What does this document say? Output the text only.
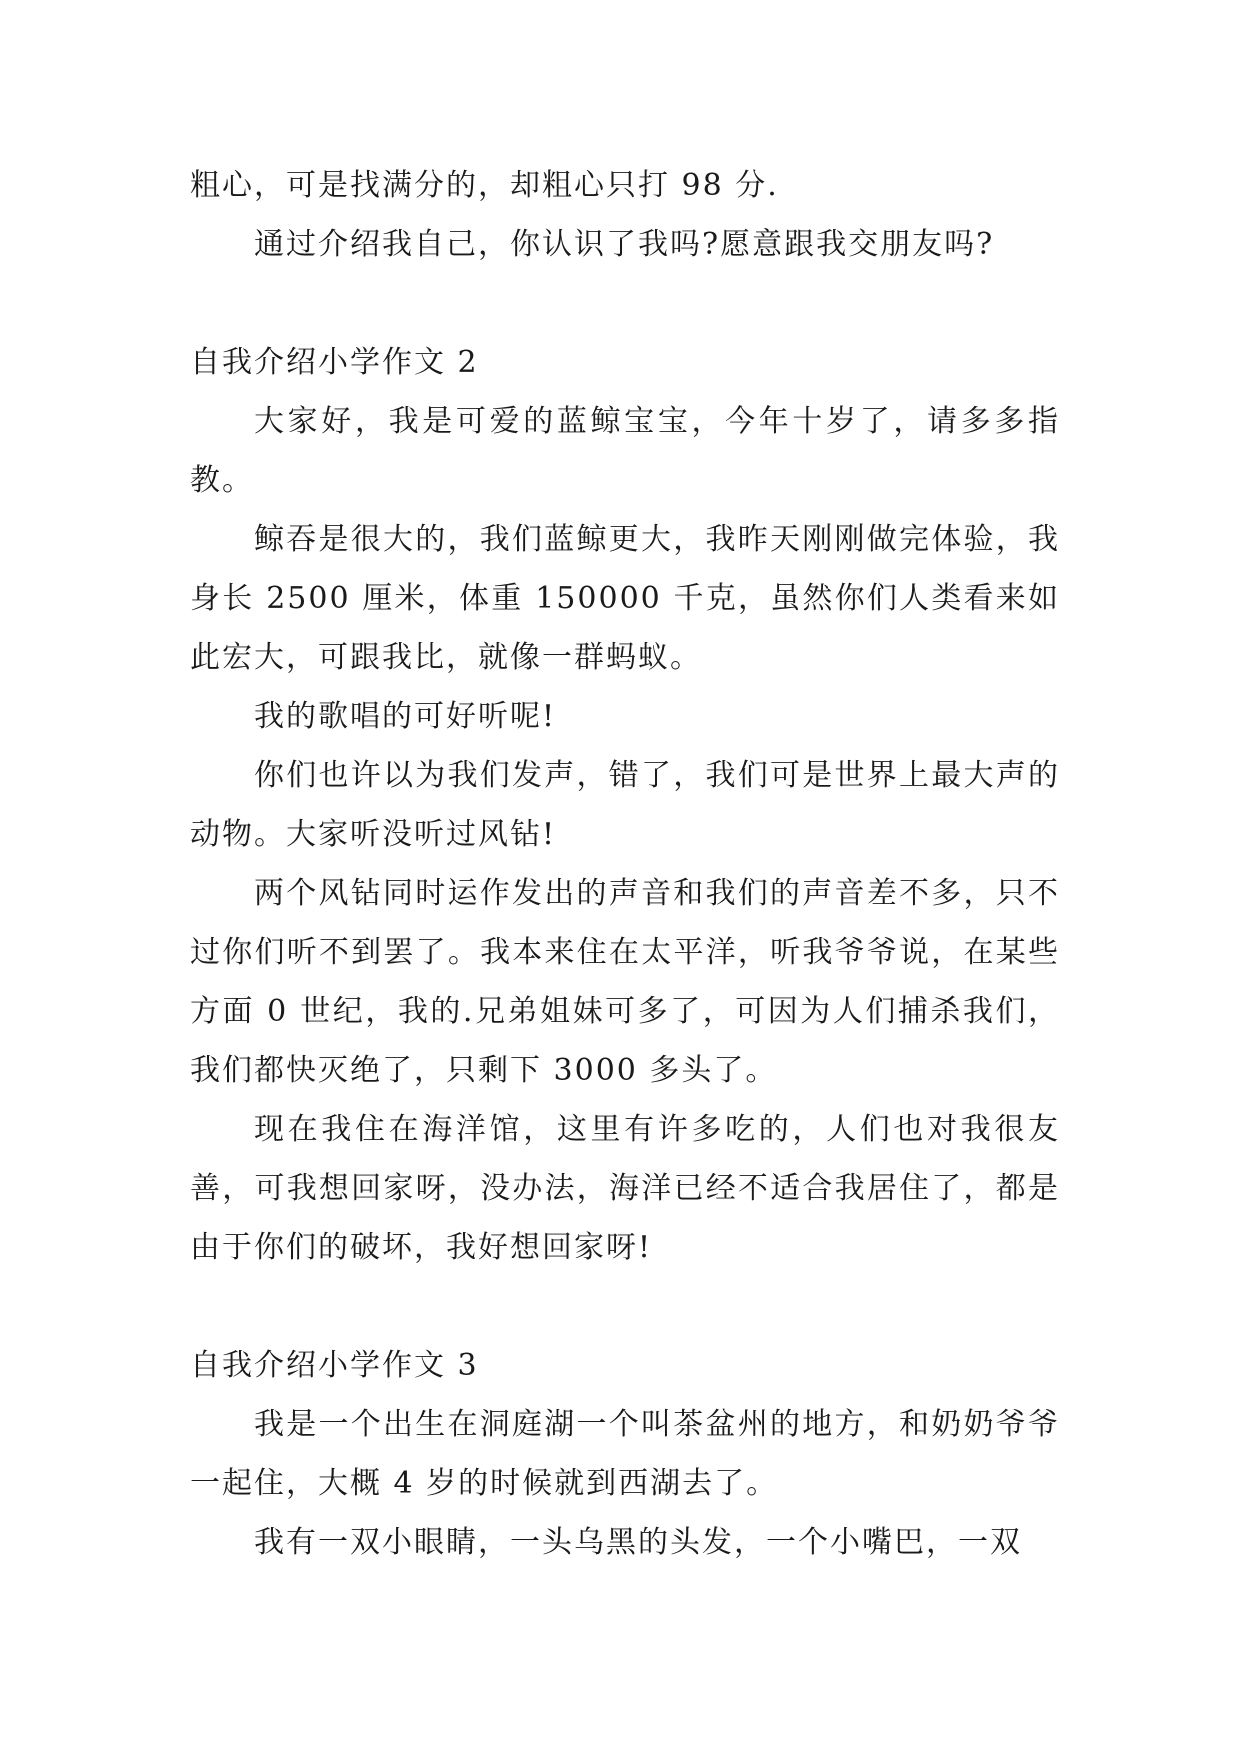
粗心，可是找满分的，却粗心只打 98 分.

通过介绍我自己，你认识了我吗?愿意跟我交朋友吗?

自我介绍小学作文 2

大家好，我是可爱的蓝鲸宝宝，今年十岁了，请多多指教。

鲸吞是很大的，我们蓝鲸更大，我昨天刚刚做完体验，我身长 2500 厘米，体重 150000 千克，虽然你们人类看来如此宏大，可跟我比，就像一群蚂蚁。

我的歌唱的可好听呢!

你们也许以为我们发声，错了，我们可是世界上最大声的动物。大家听没听过风钻!

两个风钻同时运作发出的声音和我们的声音差不多，只不过你们听不到罢了。我本来住在太平洋，听我爷爷说，在某些方面 0 世纪，我的.兄弟姐妹可多了，可因为人们捕杀我们，我们都快灭绝了，只剩下 3000 多头了。

现在我住在海洋馆，这里有许多吃的，人们也对我很友善，可我想回家呀，没办法，海洋已经不适合我居住了，都是由于你们的破坏，我好想回家呀!

自我介绍小学作文 3

我是一个出生在洞庭湖一个叫茶盆州的地方，和奶奶爷爷一起住，大概 4 岁的时候就到西湖去了。

我有一双小眼睛，一头乌黑的头发，一个小嘴巴，一双
